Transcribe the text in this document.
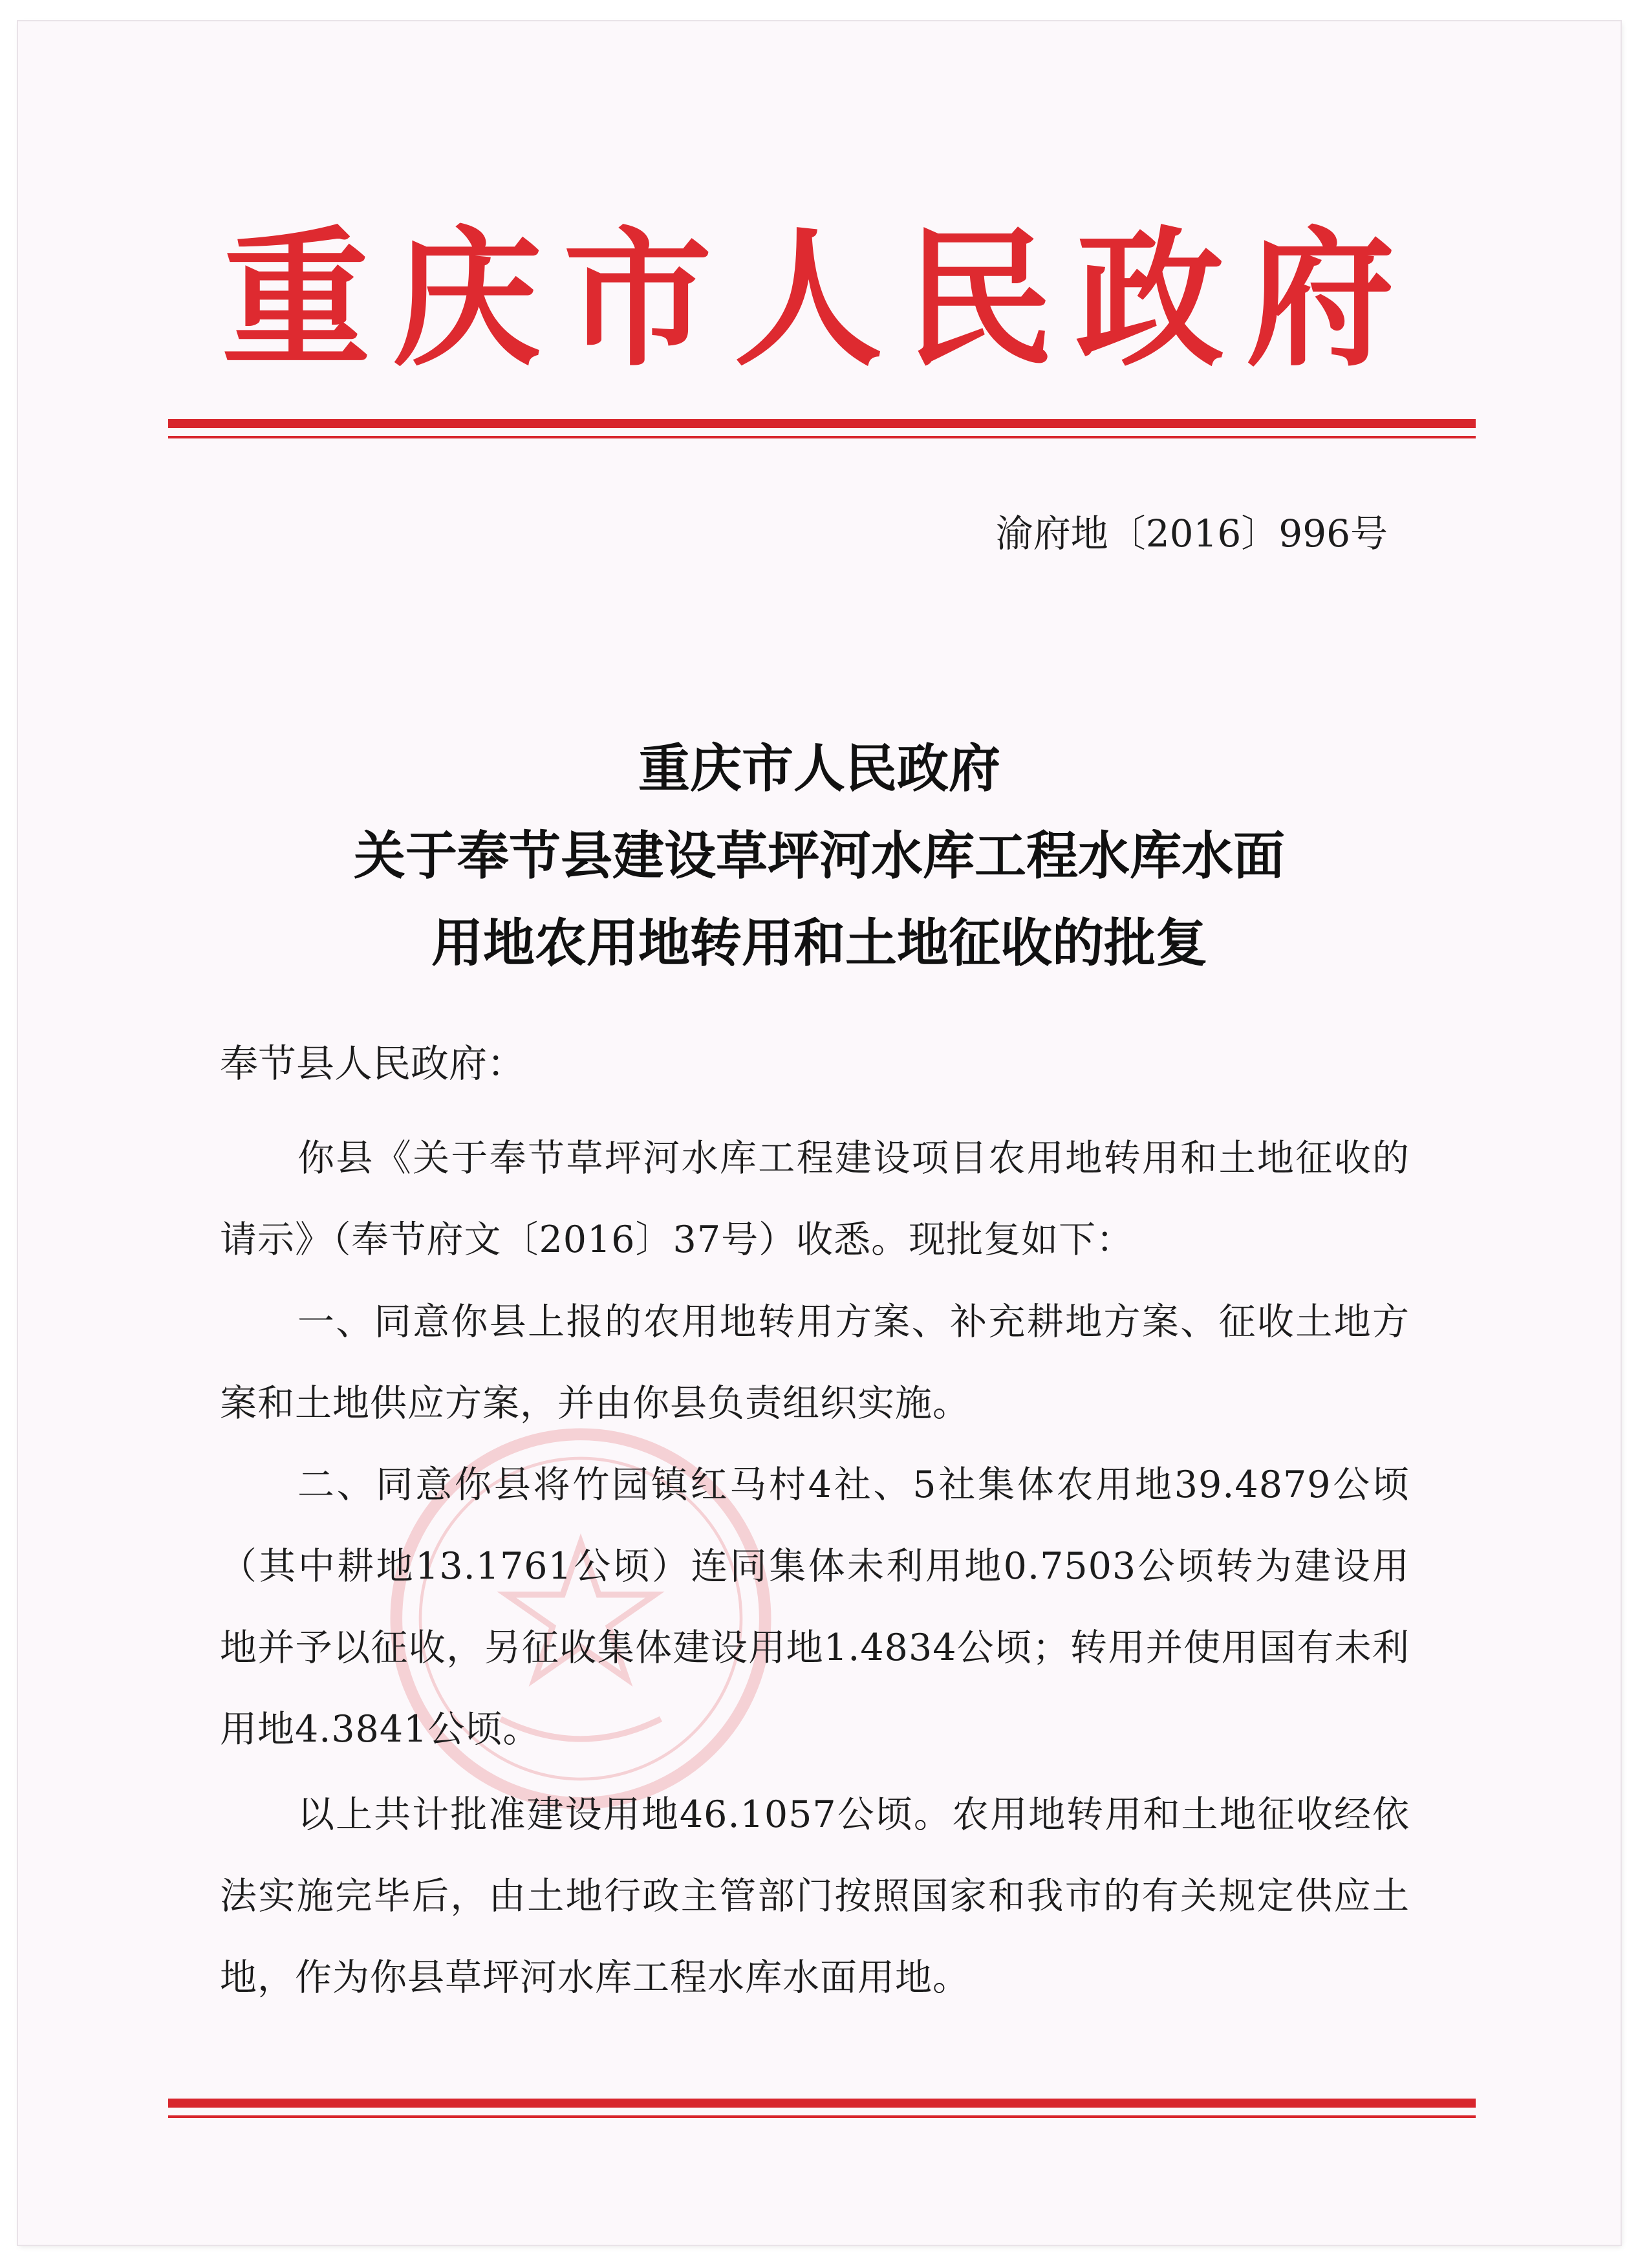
重庆市人民政府
渝府地〔2016〕996号
重庆市人民政府
关于奉节县建设草坪河水库工程水库水面
用地农用地转用和土地征收的批复
奉节县人民政府：
你县《关于奉节草坪河水库工程建设项目农用地转用和土地征收的请示》（奉节府文〔2016〕37号）收悉。现批复如下：
一、同意你县上报的农用地转用方案、补充耕地方案、征收土地方案和土地供应方案，并由你县负责组织实施。
二、同意你县将竹园镇红马村4社、5社集体农用地39.4879公顷（其中耕地13.1761公顷）连同集体未利用地0.7503公顷转为建设用地并予以征收，另征收集体建设用地1.4834公顷；转用并使用国有未利用地4.3841公顷。
以上共计批准建设用地46.1057公顷。农用地转用和土地征收经依法实施完毕后，由土地行政主管部门按照国家和我市的有关规定供应土地，作为你县草坪河水库工程水库水面用地。
